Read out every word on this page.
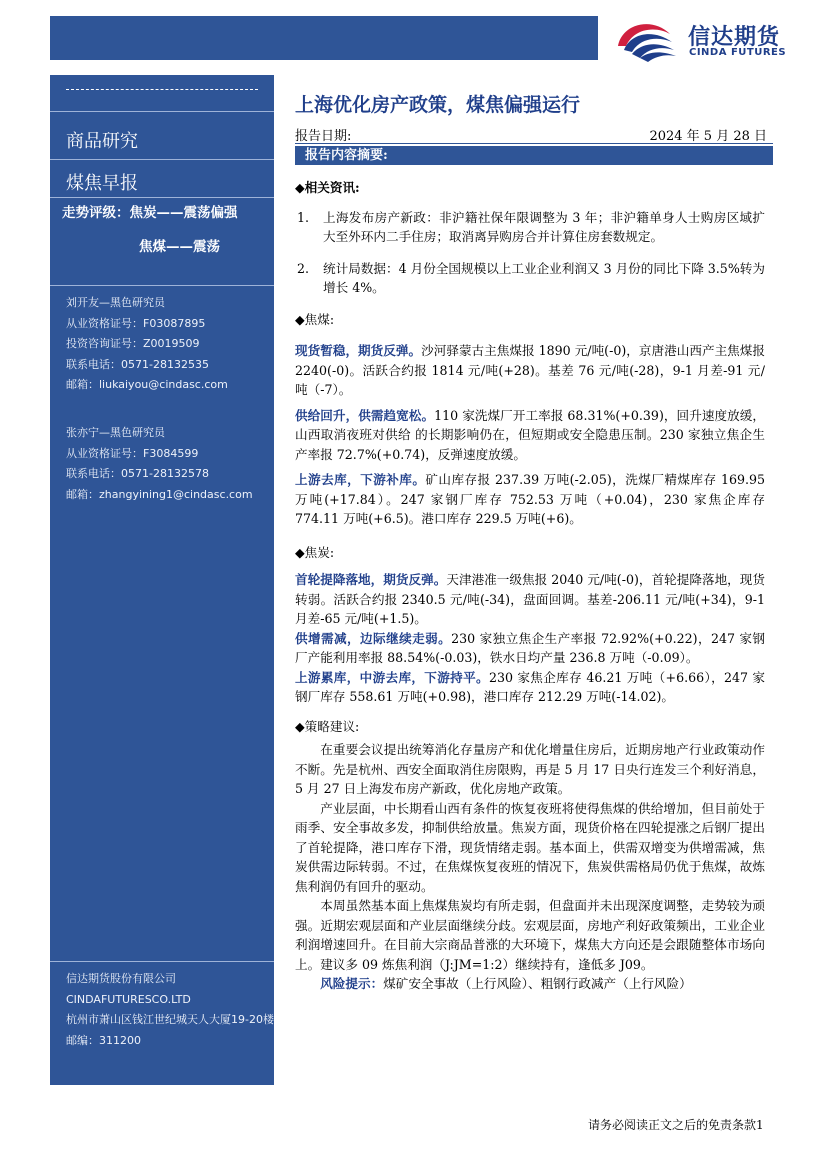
信达期货
CINDA FUTURES
商品研究
煤焦早报
走势评级：焦炭——震荡偏强
焦煤——震荡
刘开友—黑色研究员
从业资格证号：F03087895
投资咨询证号：Z0019509
联系电话：0571-28132535
邮箱：liukaiyou@cindasc.com
张亦宁—黑色研究员
从业资格证号：F3084599
联系电话：0571-28132578
邮箱：zhangyining1@cindasc.com
信达期货股份有限公司
CINDAFUTURESCO.LTD
杭州市萧山区钱江世纪城天人大厦19-20楼
邮编：311200
上海优化房产政策，煤焦偏强运行
报告日期:	2024 年 5 月 28 日
报告内容摘要:

◆相关资讯:

1.	上海发布房产新政：非沪籍社保年限调整为 3 年；非沪籍单身人士购房区域扩大至外环内二手住房；取消离异购房合并计算住房套数规定。
2.	统计局数据：4 月份全国规模以上工业企业利润又 3 月份的同比下降 3.5%转为增长 4%。

◆焦煤:

现货暂稳，期货反弹。沙河驿蒙古主焦煤报 1890 元/吨(-0)，京唐港山西产主焦煤报 2240(-0)。活跃合约报 1814 元/吨(+28)。基差 76 元/吨(-28)，9-1 月差-91 元/吨（-7）。

供给回升，供需趋宽松。110 家洗煤厂开工率报 68.31%(+0.39)，回升速度放缓，山西取消夜班对供给 的长期影响仍在，但短期或安全隐患压制。230 家独立焦企生产率报 72.7%(+0.74)，反弹速度放缓。

上游去库，下游补库。矿山库存报 237.39 万吨(-2.05)，洗煤厂精煤库存 169.95 万吨(+17.84）。247 家钢厂库存 752.53 万吨（+0.04)，230 家焦企库存 774.11 万吨(+6.5)。港口库存 229.5 万吨(+6)。

◆焦炭:

首轮提降落地，期货反弹。天津港准一级焦报 2040 元/吨(-0)，首轮提降落地，现货转弱。活跃合约报 2340.5 元/吨(-34)，盘面回调。基差-206.11 元/吨(+34)，9-1 月差-65 元/吨(+1.5)。

供增需减，边际继续走弱。230 家独立焦企生产率报 72.92%(+0.22)，247 家钢厂产能利用率报 88.54%(-0.03)，铁水日均产量 236.8 万吨（-0.09）。

上游累库，中游去库，下游持平。230 家焦企库存 46.21 万吨（+6.66），247 家钢厂库存 558.61 万吨(+0.98)，港口库存 212.29 万吨(-14.02)。

◆策略建议:

在重要会议提出统筹消化存量房产和优化增量住房后，近期房地产行业政策动作不断。先是杭州、西安全面取消住房限购，再是 5 月 17 日央行连发三个利好消息，5 月 27 日上海发布房产新政，优化房地产政策。

产业层面，中长期看山西有条件的恢复夜班将使得焦煤的供给增加，但目前处于雨季、安全事故多发，抑制供给放量。焦炭方面，现货价格在四轮提涨之后钢厂提出了首轮提降，港口库存下滑，现货情绪走弱。基本面上，供需双增变为供增需减，焦炭供需边际转弱。不过，在焦煤恢复夜班的情况下，焦炭供需格局仍优于焦煤，故炼焦利润仍有回升的驱动。

本周虽然基本面上焦煤焦炭均有所走弱，但盘面并未出现深度调整，走势较为顽强。近期宏观层面和产业层面继续分歧。宏观层面，房地产利好政策频出，工业企业利润增速回升。在目前大宗商品普涨的大环境下，煤焦大方向还是会跟随整体市场向上。建议多 09 炼焦利润（J:JM=1:2）继续持有，逢低多 J09。

风险提示：煤矿安全事故（上行风险）、粗钢行政减产（上行风险）

请务必阅读正文之后的免责条款1
